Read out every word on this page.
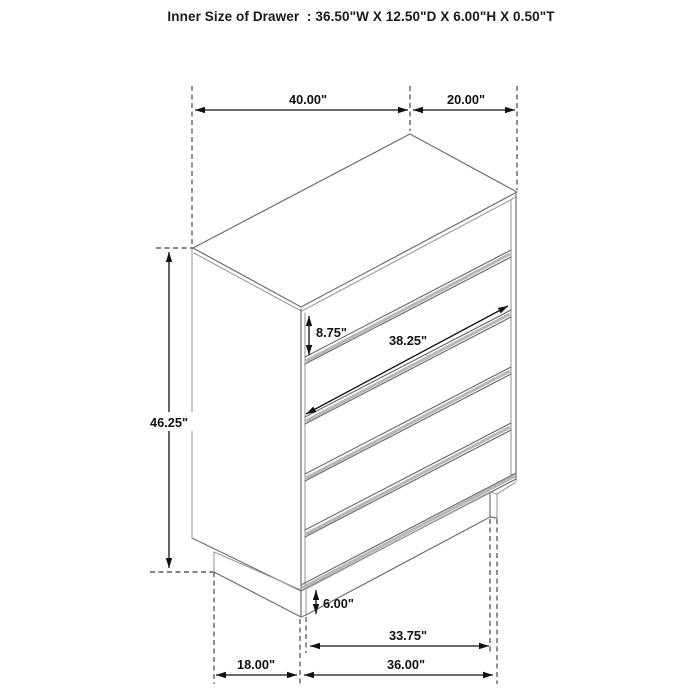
Inner Size of Drawer  : 36.50"W X 12.50"D X 6.00"H X 0.50"T
40.00"	20.00"
46.25"
8.75"
38.25"
6.00"
33.75"
18.00"	36.00"
